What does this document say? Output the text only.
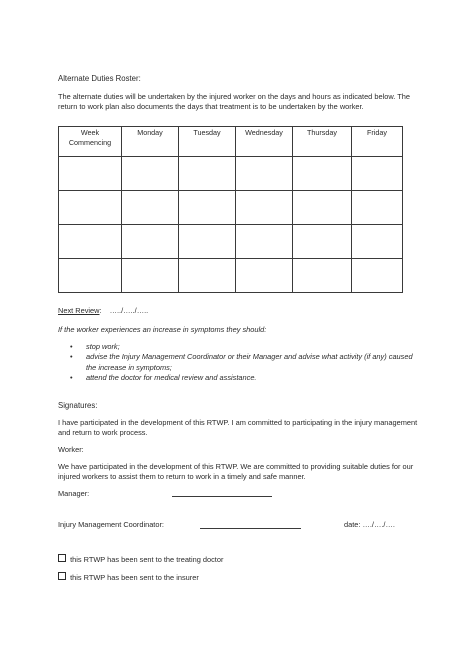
Alternate Duties Roster:
The alternate duties will be undertaken by the injured worker on the days and hours as indicated below. The return to work plan also documents the days that treatment is to be undertaken by the worker.
Week Commencing	Monday	Tuesday	Wednesday	Thursday	Friday

Next Review: …../…../…..
If the worker experiences an increase in symptoms they should:
• stop work;
• advise the Injury Management Coordinator or their Manager and advise what activity (if any) caused the increase in symptoms;
• attend the doctor for medical review and assistance.
Signatures:
I have participated in the development of this RTWP. I am committed to participating in the injury management and return to work process.
Worker:
We have participated in the development of this RTWP. We are committed to providing suitable duties for our injured workers to assist them to return to work in a timely and safe manner.
Manager:
Injury Management Coordinator:	date: …./…./….
this RTWP has been sent to the treating doctor
this RTWP has been sent to the insurer
